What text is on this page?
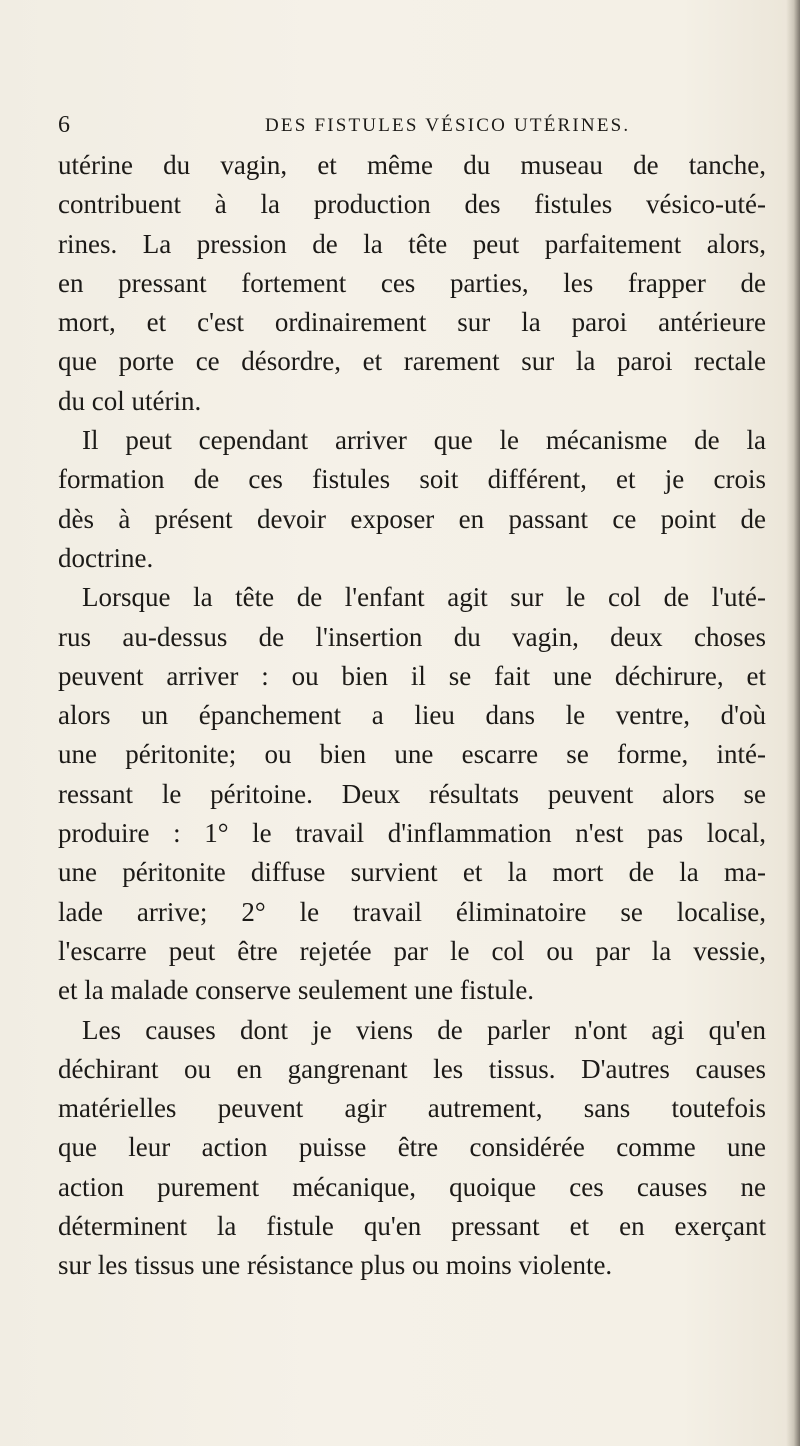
6	DES FISTULES VÉSICO UTÉRINES.
utérine du vagin, et même du museau de tanche,
contribuent à la production des fistules vésico-uté-
rines. La pression de la tête peut parfaitement alors,
en pressant fortement ces parties, les frapper de
mort, et c'est ordinairement sur la paroi antérieure
que porte ce désordre, et rarement sur la paroi rectale
du col utérin.
Il peut cependant arriver que le mécanisme de la
formation de ces fistules soit différent, et je crois
dès à présent devoir exposer en passant ce point de
doctrine.
Lorsque la tête de l'enfant agit sur le col de l'uté-
rus au-dessus de l'insertion du vagin, deux choses
peuvent arriver : ou bien il se fait une déchirure, et
alors un épanchement a lieu dans le ventre, d'où
une péritonite; ou bien une escarre se forme, inté-
ressant le péritoine. Deux résultats peuvent alors se
produire : 1° le travail d'inflammation n'est pas local,
une péritonite diffuse survient et la mort de la ma-
lade arrive; 2° le travail éliminatoire se localise,
l'escarre peut être rejetée par le col ou par la vessie,
et la malade conserve seulement une fistule.
Les causes dont je viens de parler n'ont agi qu'en
déchirant ou en gangrenant les tissus. D'autres causes
matérielles peuvent agir autrement, sans toutefois
que leur action puisse être considérée comme une
action purement mécanique, quoique ces causes ne
déterminent la fistule qu'en pressant et en exerçant
sur les tissus une résistance plus ou moins violente.
